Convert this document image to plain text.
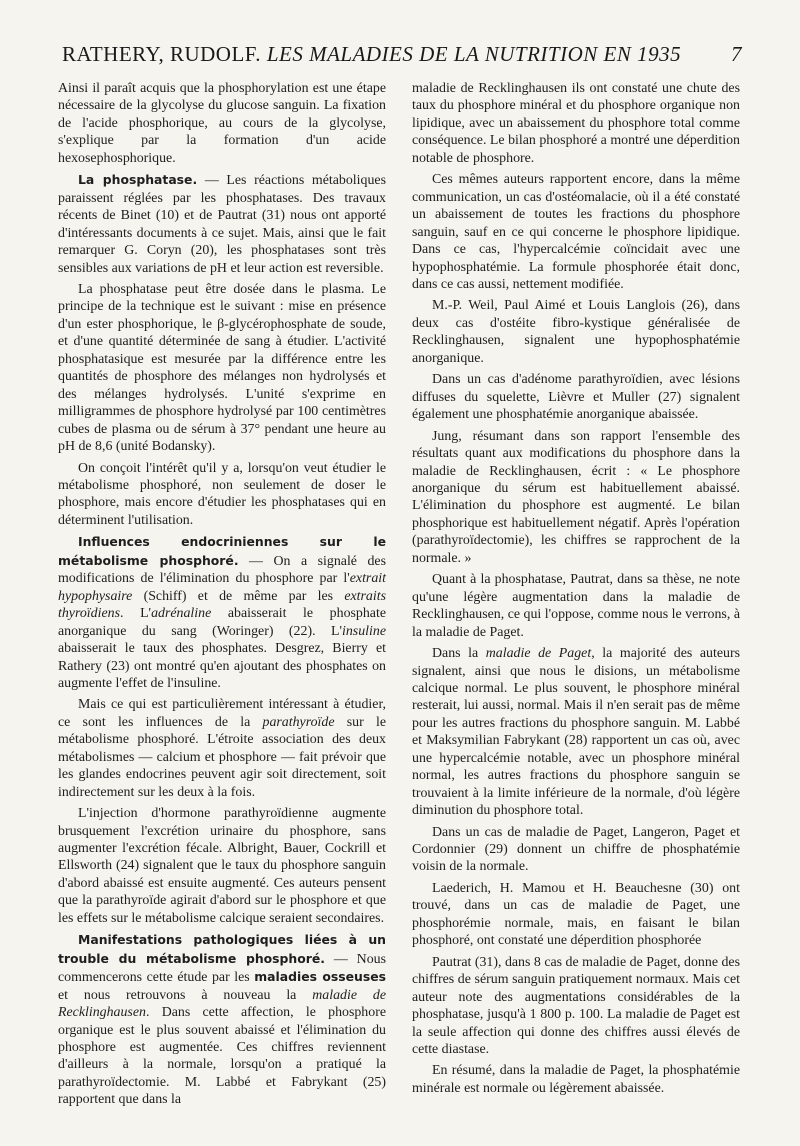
RATHERY, RUDOLF. LES MALADIES DE LA NUTRITION EN 1935 7

Ainsi il paraît acquis que la phosphorylation est une étape nécessaire de la glycolyse du glucose sanguin. La fixation de l'acide phosphorique, au cours de la glycolyse, s'explique par la formation d'un acide hexosephosphorique.

La phosphatase. — Les réactions métaboliques paraissent réglées par les phosphatases. Des travaux récents de Binet (10) et de Pautrat (31) nous ont apporté d'intéressants documents à ce sujet. Mais, ainsi que le fait remarquer G. Coryn (20), les phosphatases sont très sensibles aux variations de pH et leur action est reversible.

La phosphatase peut être dosée dans le plasma. Le principe de la technique est le suivant : mise en présence d'un ester phosphorique, le β-glycérophosphate de soude, et d'une quantité déterminée de sang à étudier. L'activité phosphatasique est mesurée par la différence entre les quantités de phosphore des mélanges non hydrolysés et des mélanges hydrolysés. L'unité s'exprime en milligrammes de phosphore hydrolysé par 100 centimètres cubes de plasma ou de sérum à 37° pendant une heure au pH de 8,6 (unité Bodansky).

On conçoit l'intérêt qu'il y a, lorsqu'on veut étudier le métabolisme phosphoré, non seulement de doser le phosphore, mais encore d'étudier les phosphatases qui en déterminent l'utilisation.

Influences endocriniennes sur le métabolisme phosphoré. — On a signalé des modifications de l'élimination du phosphore par l'extrait hypophysaire (Schiff) et de même par les extraits thyroïdiens. L'adrénaline abaisserait le phosphate anorganique du sang (Woringer) (22). L'insuline abaisserait le taux des phosphates. Desgrez, Bierry et Rathery (23) ont montré qu'en ajoutant des phosphates on augmente l'effet de l'insuline.

Mais ce qui est particulièrement intéressant à étudier, ce sont les influences de la parathyroïde sur le métabolisme phosphoré. L'étroite association des deux métabolismes — calcium et phosphore — fait prévoir que les glandes endocrines peuvent agir soit directement, soit indirectement sur les deux à la fois.

L'injection d'hormone parathyroïdienne augmente brusquement l'excrétion urinaire du phosphore, sans augmenter l'excrétion fécale. Albright, Bauer, Cockrill et Ellsworth (24) signalent que le taux du phosphore sanguin d'abord abaissé est ensuite augmenté. Ces auteurs pensent que la parathyroïde agirait d'abord sur le phosphore et que les effets sur le métabolisme calcique seraient secondaires.

Manifestations pathologiques liées à un trouble du métabolisme phosphoré. — Nous commencerons cette étude par les maladies osseuses et nous retrouvons à nouveau la maladie de Recklinghausen. Dans cette affection, le phosphore organique est le plus souvent abaissé et l'élimination du phosphore est augmentée. Ces chiffres reviennent d'ailleurs à la normale, lorsqu'on a pratiqué la parathyroïdectomie. M. Labbé et Fabrykant (25) rapportent que dans la

maladie de Recklinghausen ils ont constaté une chute des taux du phosphore minéral et du phosphore organique non lipidique, avec un abaissement du phosphore total comme conséquence. Le bilan phosphoré a montré une déperdition notable de phosphore.

Ces mêmes auteurs rapportent encore, dans la même communication, un cas d'ostéomalacie, où il a été constaté un abaissement de toutes les fractions du phosphore sanguin, sauf en ce qui concerne le phosphore lipidique. Dans ce cas, l'hypercalcémie coïncidait avec une hypophosphatémie. La formule phosphorée était donc, dans ce cas aussi, nettement modifiée.

M.-P. Weil, Paul Aimé et Louis Langlois (26), dans deux cas d'ostéite fibro-kystique généralisée de Recklinghausen, signalent une hypophosphatémie anorganique.

Dans un cas d'adénome parathyroïdien, avec lésions diffuses du squelette, Lièvre et Muller (27) signalent également une phosphatémie anorganique abaissée.

Jung, résumant dans son rapport l'ensemble des résultats quant aux modifications du phosphore dans la maladie de Recklinghausen, écrit : « Le phosphore anorganique du sérum est habituellement abaissé. L'élimination du phosphore est augmenté. Le bilan phosphorique est habituellement négatif. Après l'opération (parathyroïdectomie), les chiffres se rapprochent de la normale. »

Quant à la phosphatase, Pautrat, dans sa thèse, ne note qu'une légère augmentation dans la maladie de Recklinghausen, ce qui l'oppose, comme nous le verrons, à la maladie de Paget.

Dans la maladie de Paget, la majorité des auteurs signalent, ainsi que nous le disions, un métabolisme calcique normal. Le plus souvent, le phosphore minéral resterait, lui aussi, normal. Mais il n'en serait pas de même pour les autres fractions du phosphore sanguin. M. Labbé et Maksymilian Fabrykant (28) rapportent un cas où, avec une hypercalcémie notable, avec un phosphore minéral normal, les autres fractions du phosphore sanguin se trouvaient à la limite inférieure de la normale, d'où légère diminution du phosphore total.

Dans un cas de maladie de Paget, Langeron, Paget et Cordonnier (29) donnent un chiffre de phosphatémie voisin de la normale.

Laederich, H. Mamou et H. Beauchesne (30) ont trouvé, dans un cas de maladie de Paget, une phosphorémie normale, mais, en faisant le bilan phosphoré, ont constaté une déperdition phosphorée

Pautrat (31), dans 8 cas de maladie de Paget, donne des chiffres de sérum sanguin pratiquement normaux. Mais cet auteur note des augmentations considérables de la phosphatase, jusqu'à 1 800 p. 100. La maladie de Paget est la seule affection qui donne des chiffres aussi élevés de cette diastase.

En résumé, dans la maladie de Paget, la phosphatémie minérale est normale ou légèrement abaissée.
